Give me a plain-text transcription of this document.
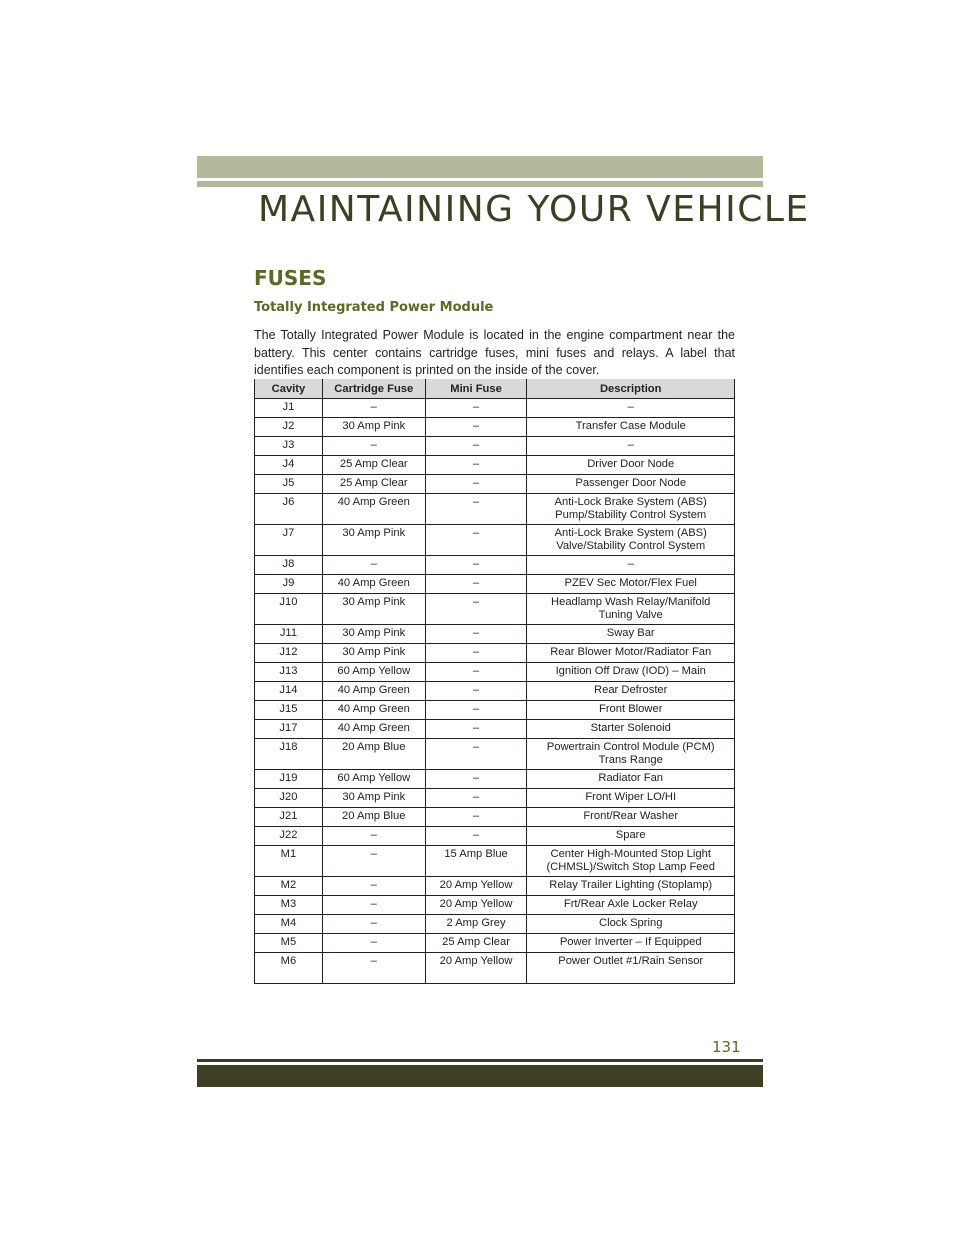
MAINTAINING YOUR VEHICLE
FUSES
Totally Integrated Power Module
The Totally Integrated Power Module is located in the engine compartment near the battery. This center contains cartridge fuses, mini fuses and relays. A label that identifies each component is printed on the inside of the cover.
Cavity	Cartridge Fuse	Mini Fuse	Description
J1	–	–	–

J2	30 Amp Pink	–	Transfer Case Module

J3	–	–	–

J4	25 Amp Clear	–	Driver Door Node

J5	25 Amp Clear	–	Passenger Door Node

J6	40 Amp Green	–	Anti-Lock Brake System (ABS)
Pump/Stability Control System

J7	30 Amp Pink	–	Anti-Lock Brake System (ABS)
Valve/Stability Control System

J8	–	–	–

J9	40 Amp Green	–	PZEV Sec Motor/Flex Fuel

J10	30 Amp Pink	–	Headlamp Wash Relay/Manifold
Tuning Valve

J11	30 Amp Pink	–	Sway Bar

J12	30 Amp Pink	–	Rear Blower Motor/Radiator Fan

J13	60 Amp Yellow	–	Ignition Off Draw (IOD) – Main

J14	40 Amp Green	–	Rear Defroster

J15	40 Amp Green	–	Front Blower

J17	40 Amp Green	–	Starter Solenoid

J18	20 Amp Blue	–	Powertrain Control Module (PCM)
Trans Range

J19	60 Amp Yellow	–	Radiator Fan

J20	30 Amp Pink	–	Front Wiper LO/HI

J21	20 Amp Blue	–	Front/Rear Washer

J22	–	–	Spare

M1	–	15 Amp Blue	Center High-Mounted Stop Light
(CHMSL)/Switch Stop Lamp Feed

M2	–	20 Amp Yellow	Relay Trailer Lighting (Stoplamp)

M3	–	20 Amp Yellow	Frt/Rear Axle Locker Relay

M4	–	2 Amp Grey	Clock Spring

M5	–	25 Amp Clear	Power Inverter – If Equipped

M6	–	20 Amp Yellow	Power Outlet #1/Rain Sensor
131
